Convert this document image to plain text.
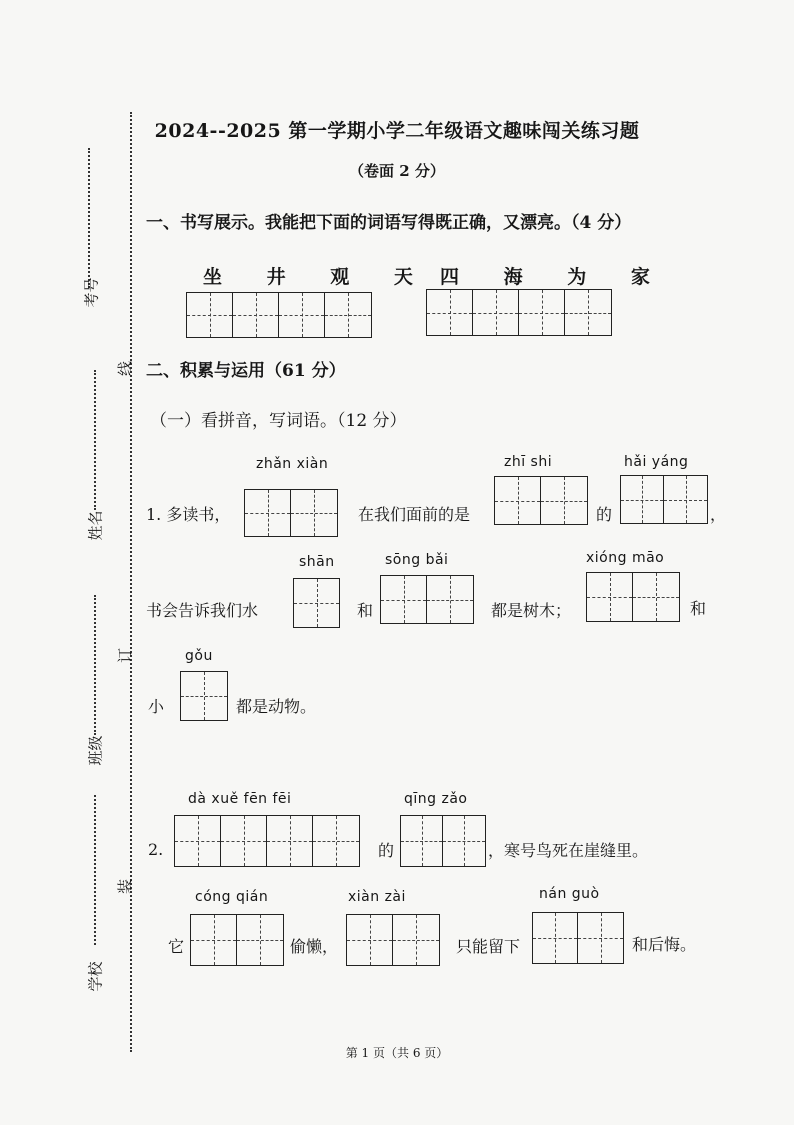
考号
姓名
班级
学校
线
订
装
2024--2025 第一学期小学二年级语文趣味闯关练习题
（卷面 2 分）
一、书写展示。我能把下面的词语写得既正确，又漂亮。（4 分）
坐 井 观 天 四 海 为 家
二、积累与运用（61 分）
（一）看拼音，写词语。（12 分）
zhǎn xiàn	zhī shi	hǎi yáng
1. 多读书，	在我们面前的是	的	，
shān	sōng bǎi	xióng māo
书会告诉我们水	和	都是树木；	和
gǒu
小	都是动物。
dà xuě fēn fēi	qīng zǎo
2.	的	，寒号鸟死在崖缝里。
cóng qián	xiàn zài	nán guò
它	偷懒，	只能留下	和后悔。
第 1 页（共 6 页）
